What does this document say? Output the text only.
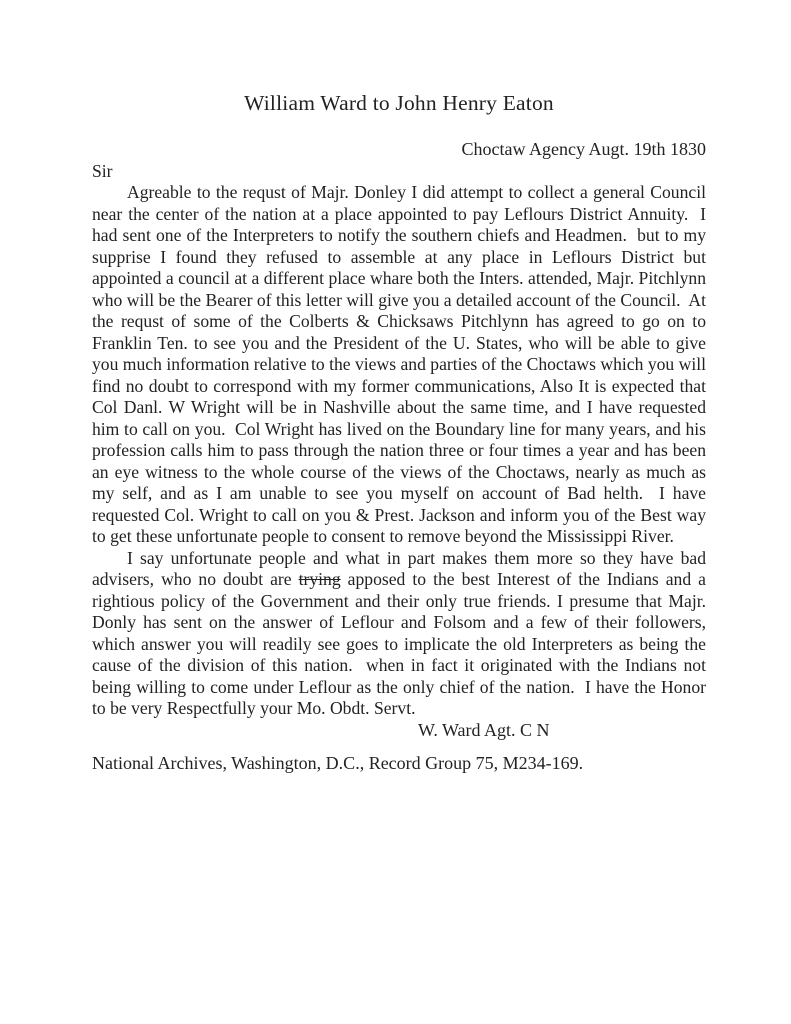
William Ward to John Henry Eaton
Choctaw Agency Augt. 19th 1830
Sir

Agreable to the requst of Majr. Donley I did attempt to collect a general Council near the center of the nation at a place appointed to pay Leflours District Annuity.  I had sent one of the Interpreters to notify the southern chiefs and Headmen.  but to my supprise I found they refused to assemble at any place in Leflours District but appointed a council at a different place whare both the Inters. attended, Majr. Pitchlynn who will be the Bearer of this letter will give you a detailed account of the Council.  At the requst of some of the Colberts & Chicksaws Pitchlynn has agreed to go on to Franklin Ten. to see you and the President of the U. States, who will be able to give you much information relative to the views and parties of the Choctaws which you will find no doubt to correspond with my former communications, Also It is expected that Col Danl. W Wright will be in Nashville about the same time, and I have requested him to call on you.  Col Wright has lived on the Boundary line for many years, and his profession calls him to pass through the nation three or four times a year and has been an eye witness to the whole course of the views of the Choctaws, nearly as much as my self, and as I am unable to see you myself on account of Bad helth.  I have requested Col. Wright to call on you & Prest. Jackson and inform you of the Best way to get these unfortunate people to consent to remove beyond the Mississippi River.

I say unfortunate people and what in part makes them more so they have bad advisers, who no doubt are trying apposed to the best Interest of the Indians and a rightious policy of the Government and their only true friends. I presume that Majr. Donly has sent on the answer of Leflour and Folsom and a few of their followers, which answer you will readily see goes to implicate the old Interpreters as being the cause of the division of this nation.  when in fact it originated with the Indians not being willing to come under Leflour as the only chief of the nation.  I have the Honor to be very Respectfully your Mo. Obdt. Servt.

W. Ward Agt. C N
National Archives, Washington, D.C., Record Group 75, M234-169.
